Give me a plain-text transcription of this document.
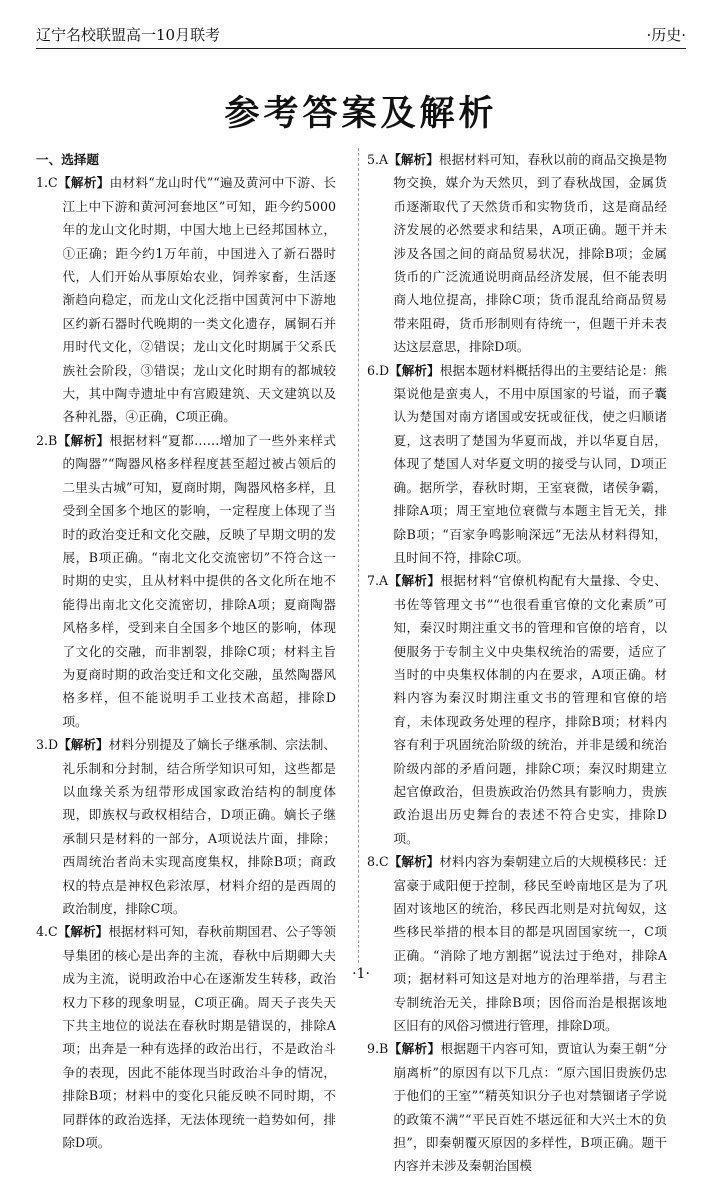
辽宁名校联盟高一10月联考	·历史·
参考答案及解析
一、选择题

1.C【解析】由材料“龙山时代”“遍及黄河中下游、长江上中下游和黄河河套地区”可知，距今约5000年的龙山文化时期，中国大地上已经邦国林立，①正确；距今约1万年前，中国进入了新石器时代，人们开始从事原始农业，饲养家畜，生活逐渐趋向稳定，而龙山文化泛指中国黄河中下游地区约新石器时代晚期的一类文化遗存，属铜石并用时代文化，②错误；龙山文化时期属于父系氏族社会阶段，③错误；龙山文化时期有的都城较大，其中陶寺遗址中有宫殿建筑、天文建筑以及各种礼器，④正确，C项正确。

2.B【解析】根据材料“夏都……增加了一些外来样式的陶器”“陶器风格多样程度甚至超过被占领后的二里头古城”可知，夏商时期，陶器风格多样，且受到全国多个地区的影响，一定程度上体现了当时的政治变迁和文化交融，反映了早期文明的发展，B项正确。“南北文化交流密切”不符合这一时期的史实，且从材料中提供的各文化所在地不能得出南北文化交流密切，排除A项；夏商陶器风格多样，受到来自全国多个地区的影响，体现了文化的交融，而非割裂，排除C项；材料主旨为夏商时期的政治变迁和文化交融，虽然陶器风格多样，但不能说明手工业技术高超，排除D项。

3.D【解析】材料分别提及了嫡长子继承制、宗法制、礼乐制和分封制，结合所学知识可知，这些都是以血缘关系为纽带形成国家政治结构的制度体现，即族权与政权相结合，D项正确。嫡长子继承制只是材料的一部分，A项说法片面，排除；西周统治者尚未实现高度集权，排除B项；商政权的特点是神权色彩浓厚，材料介绍的是西周的政治制度，排除C项。

4.C【解析】根据材料可知，春秋前期国君、公子等领导集团的核心是出奔的主流，春秋中后期卿大夫成为主流，说明政治中心在逐渐发生转移，政治权力下移的现象明显，C项正确。周天子丧失天下共主地位的说法在春秋时期是错误的，排除A项；出奔是一种有选择的政治出行，不是政治斗争的表现，因此不能体现当时政治斗争的情况，排除B项；材料中的变化只能反映不同时期，不同群体的政治选择，无法体现统一趋势如何，排除D项。

5.A【解析】根据材料可知，春秋以前的商品交换是物物交换，媒介为天然贝，到了春秋战国，金属货币逐渐取代了天然货币和实物货币，这是商品经济发展的必然要求和结果，A项正确。题干并未涉及各国之间的商品贸易状况，排除B项；金属货币的广泛流通说明商品经济发展，但不能表明商人地位提高，排除C项；货币混乱给商品贸易带来阻碍，货币形制则有待统一，但题干并未表达这层意思，排除D项。

6.D【解析】根据本题材料概括得出的主要结论是：熊渠说他是蛮夷人，不用中原国家的号谥，而子囊认为楚国对南方诸国或安抚或征伐，使之归顺诸夏，这表明了楚国为华夏而战，并以华夏自居，体现了楚国人对华夏文明的接受与认同，D项正确。据所学，春秋时期，王室衰微，诸侯争霸，排除A项；周王室地位衰微与本题主旨无关，排除B项；“百家争鸣影响深远”无法从材料得知，且时间不符，排除C项。

7.A【解析】根据材料“官僚机构配有大量掾、令史、书佐等管理文书”“也很看重官僚的文化素质”可知，秦汉时期注重文书的管理和官僚的培育，以便服务于专制主义中央集权统治的需要，适应了当时的中央集权体制的内在要求，A项正确。材料内容为秦汉时期注重文书的管理和官僚的培育，未体现政务处理的程序，排除B项；材料内容有利于巩固统治阶级的统治，并非是缓和统治阶级内部的矛盾问题，排除C项；秦汉时期建立起官僚政治，但贵族政治仍然具有影响力，贵族政治退出历史舞台的表述不符合史实，排除D项。

8.C【解析】材料内容为秦朝建立后的大规模移民：迁富豪于咸阳便于控制，移民至岭南地区是为了巩固对该地区的统治，移民西北则是对抗匈奴，这些移民举措的根本目的都是巩固国家统一，C项正确。“消除了地方割据”说法过于绝对，排除A项；据材料可知这是对地方的治理举措，与君主专制统治无关，排除B项；因俗而治是根据该地区旧有的风俗习惯进行管理，排除D项。

9.B【解析】根据题干内容可知，贾谊认为秦王朝“分崩离析”的原因有以下几点：“原六国旧贵族仍忠于他们的王室”“精英知识分子也对禁锢诸子学说的政策不满”“平民百姓不堪远征和大兴土木的负担”，即秦朝覆灭原因的多样性，B项正确。题干内容并未涉及秦朝治国模

·1·
